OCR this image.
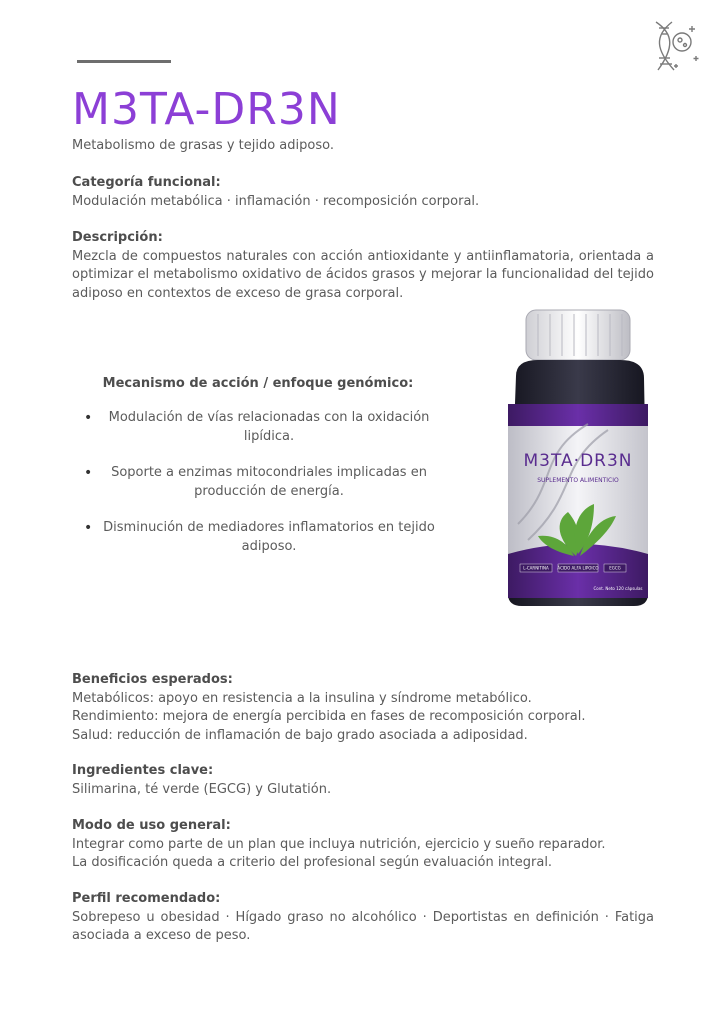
M3TA-DR3N
Metabolismo de grasas y tejido adiposo.
Categoría funcional:

Modulación metabólica · inflamación · recomposición corporal.

Descripción:

Mezcla de compuestos naturales con acción antioxidante y antiinflamatoria, orientada a optimizar el metabolismo oxidativo de ácidos grasos y mejorar la funcionalidad del tejido adiposo en contextos de exceso de grasa corporal.

Mecanismo de acción / enfoque genómico:
• Modulación de vías relacionadas con la oxidación lipídica.
• Soporte a enzimas mitocondriales implicadas en producción de energía.
• Disminución de mediadores inflamatorios en tejido adiposo.
M3TA·DR3N
SUPLEMENTO ALIMENTICIO
L-CARNITINA ÁCIDO ALFA LIPOICO	EGCG
Cont. Neto 120 cápsulas
Beneficios esperados:

Metabólicos: apoyo en resistencia a la insulina y síndrome metabólico.

Rendimiento: mejora de energía percibida en fases de recomposición corporal.

Salud: reducción de inflamación de bajo grado asociada a adiposidad.

Ingredientes clave:

Silimarina, té verde (EGCG) y Glutatión.

Modo de uso general:

Integrar como parte de un plan que incluya nutrición, ejercicio y sueño reparador.

La dosificación queda a criterio del profesional según evaluación integral.

Perfil recomendado:

Sobrepeso u obesidad · Hígado graso no alcohólico · Deportistas en definición · Fatiga asociada a exceso de peso.
